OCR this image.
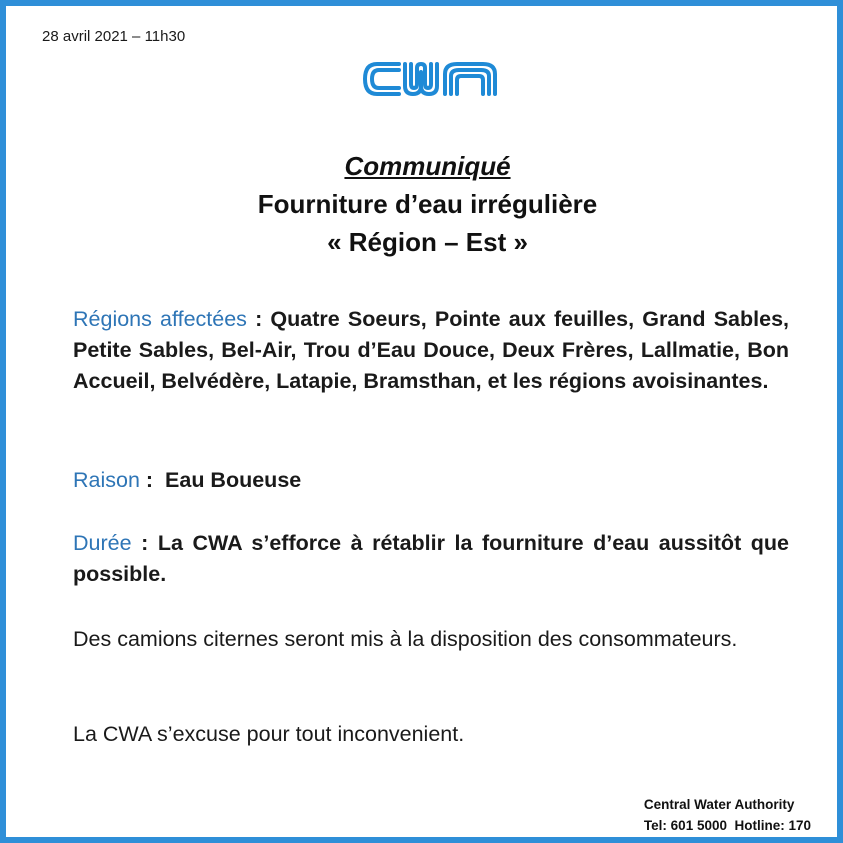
28 avril 2021 – 11h30
Communiqué
Fourniture d’eau irrégulière
« Région – Est »
Régions affectées : Quatre Soeurs, Pointe aux feuilles, Grand Sables, Petite Sables, Bel-Air, Trou d’Eau Douce, Deux Frères, Lallmatie, Bon Accueil, Belvédère, Latapie, Bramsthan, et les régions avoisinantes.
Raison :  Eau Boueuse
Durée : La CWA s’efforce à rétablir la fourniture d’eau aussitôt que possible.
Des camions citernes seront mis à la disposition des consommateurs.
La CWA s’excuse pour tout inconvenient.
Central Water Authority
Tel: 601 5000  Hotline: 170
